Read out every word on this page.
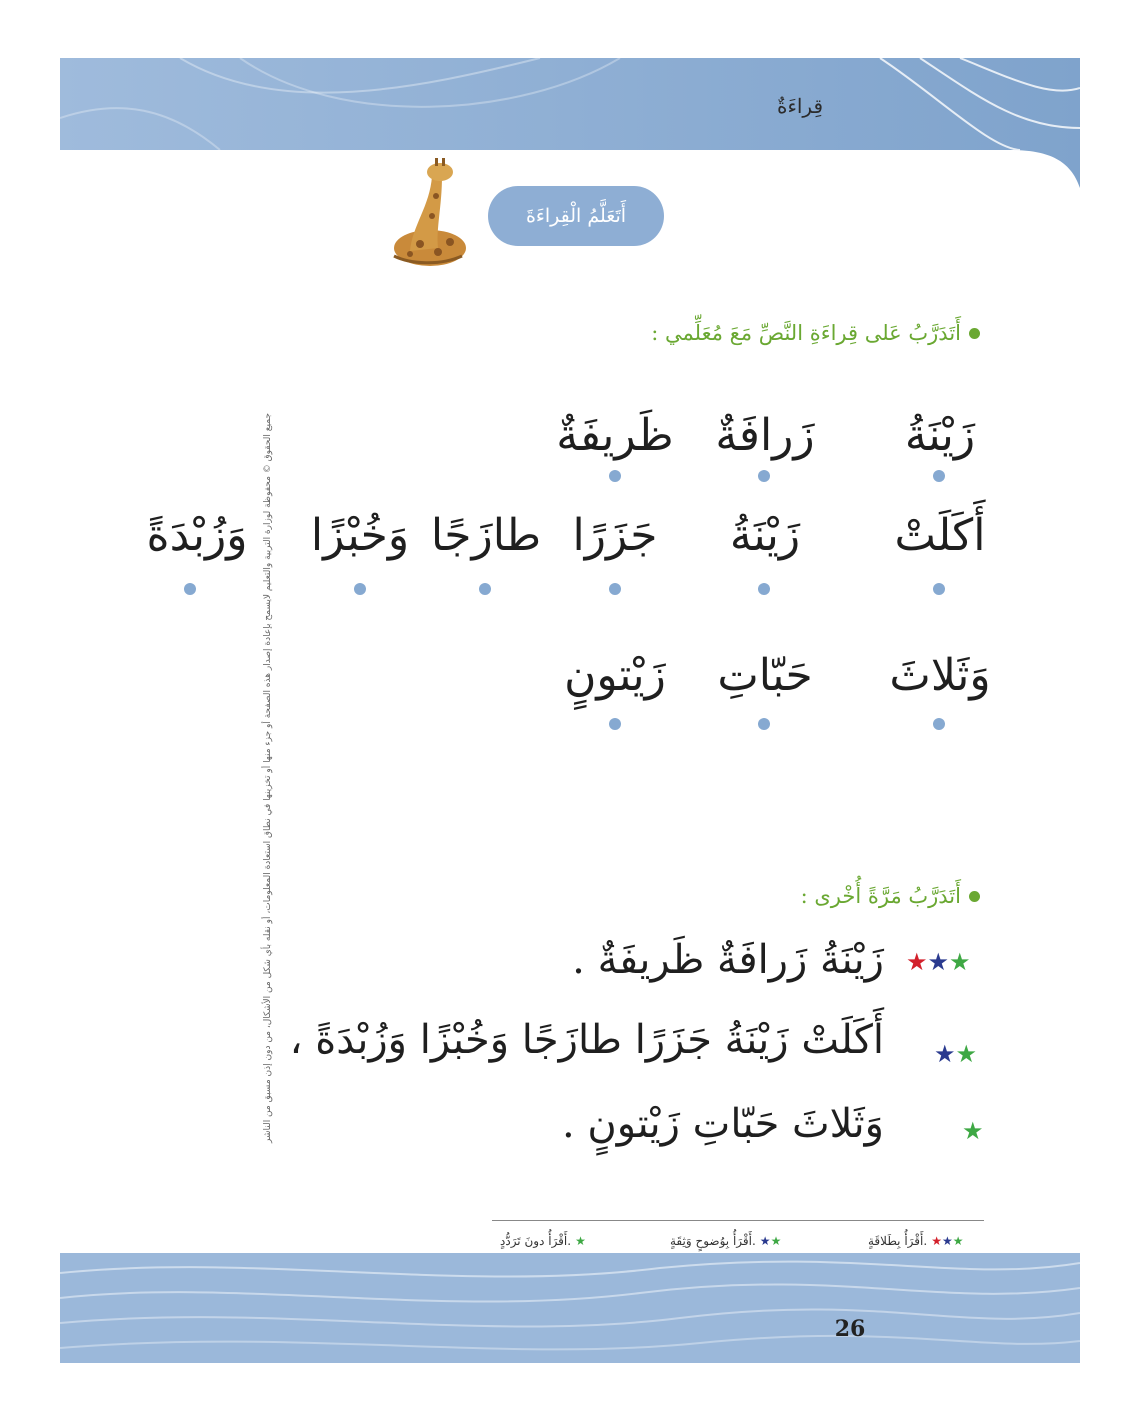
قِراءَةٌ
جميع الحقوق © محفوظة لوزارة التربية والتعليم لايسمح بإعادة إصدار هذه الصفحة أو جزء منها أو تخزينها في نطاق استعادة المعلومات، أو نقله بأي شكل من الأشكال، من دون إذن مسبق من الناشر
أَتَعَلَّمُ الْقِراءَةَ
أَتَدَرَّبُ عَلى قِراءَةِ النَّصِّ مَعَ مُعَلِّمي :
زَيْنَةُ
زَرافَةٌ
ظَريفَةٌ
أَكَلَتْ
زَيْنَةُ
جَزَرًا
طازَجًا
وَخُبْزًا
وَزُبْدَةً
وَثَلاثَ
حَبّاتِ
زَيْتونٍ
أَتَدَرَّبُ مَرَّةً أُخْرى :
★★★
زَيْنَةُ زَرافَةٌ ظَريفَةٌ .
★★
أَكَلَتْ زَيْنَةُ جَزَرًا طازَجًا وَخُبْزًا وَزُبْدَةً ،
★
وَثَلاثَ حَبّاتِ زَيْتونٍ .
أَقْرَأُ بِطَلاقَةٍ. ★★★
أَقْرَأُ بِوُضوحٍ وَثِقَةٍ. ★★
أَقْرَأُ دونَ تَرَدُّدٍ. ★
26
